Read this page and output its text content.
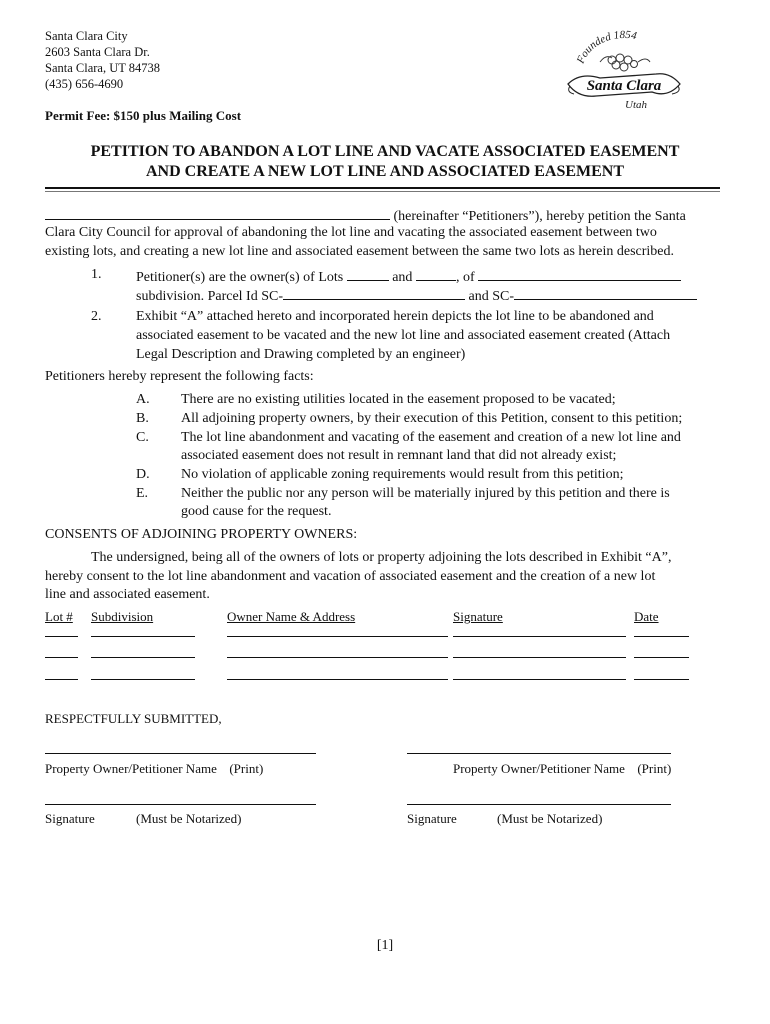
Santa Clara City
2603 Santa Clara Dr.
Santa Clara, UT 84738
(435) 656-4690
Permit Fee: $150 plus Mailing Cost
Founded 1854
Santa Clara
Utah
PETITION TO ABANDON A LOT LINE AND VACATE ASSOCIATED EASEMENT
AND CREATE A NEW LOT LINE AND ASSOCIATED EASEMENT
(hereinafter “Petitioners”), hereby petition the Santa
Clara City Council for approval of abandoning the lot line and vacating the associated easement between two
existing lots, and creating a new lot line and associated easement between the same two lots as herein described.
1. Petitioner(s) are the owner(s) of Lots	and	, of
subdivision. Parcel Id SC-	and SC-
2. Exhibit “A” attached hereto and incorporated herein depicts the lot line to be abandoned and
associated easement to be vacated and the new lot line and associated easement created (Attach
Legal Description and Drawing completed by an engineer)
Petitioners hereby represent the following facts:
A. There are no existing utilities located in the easement proposed to be vacated;
B. All adjoining property owners, by their execution of this Petition, consent to this petition;
C. The lot line abandonment and vacating of the easement and creation of a new lot line and
associated easement does not result in remnant land that did not already exist;
D. No violation of applicable zoning requirements would result from this petition;
E. Neither the public nor any person will be materially injured by this petition and there is
good cause for the request.
CONSENTS OF ADJOINING PROPERTY OWNERS:
The undersigned, being all of the owners of lots or property adjoining the lots described in Exhibit “A”,
hereby consent to the lot line abandonment and vacation of associated easement and the creation of a new lot
line and associated easement.
Lot # Subdivision	Owner Name & Address	Signature	Date
RESPECTFULLY SUBMITTED,
Property Owner/Petitioner Name (Print)	Property Owner/Petitioner Name (Print)
Signature	(Must be Notarized)	Signature	(Must be Notarized)
[1]
